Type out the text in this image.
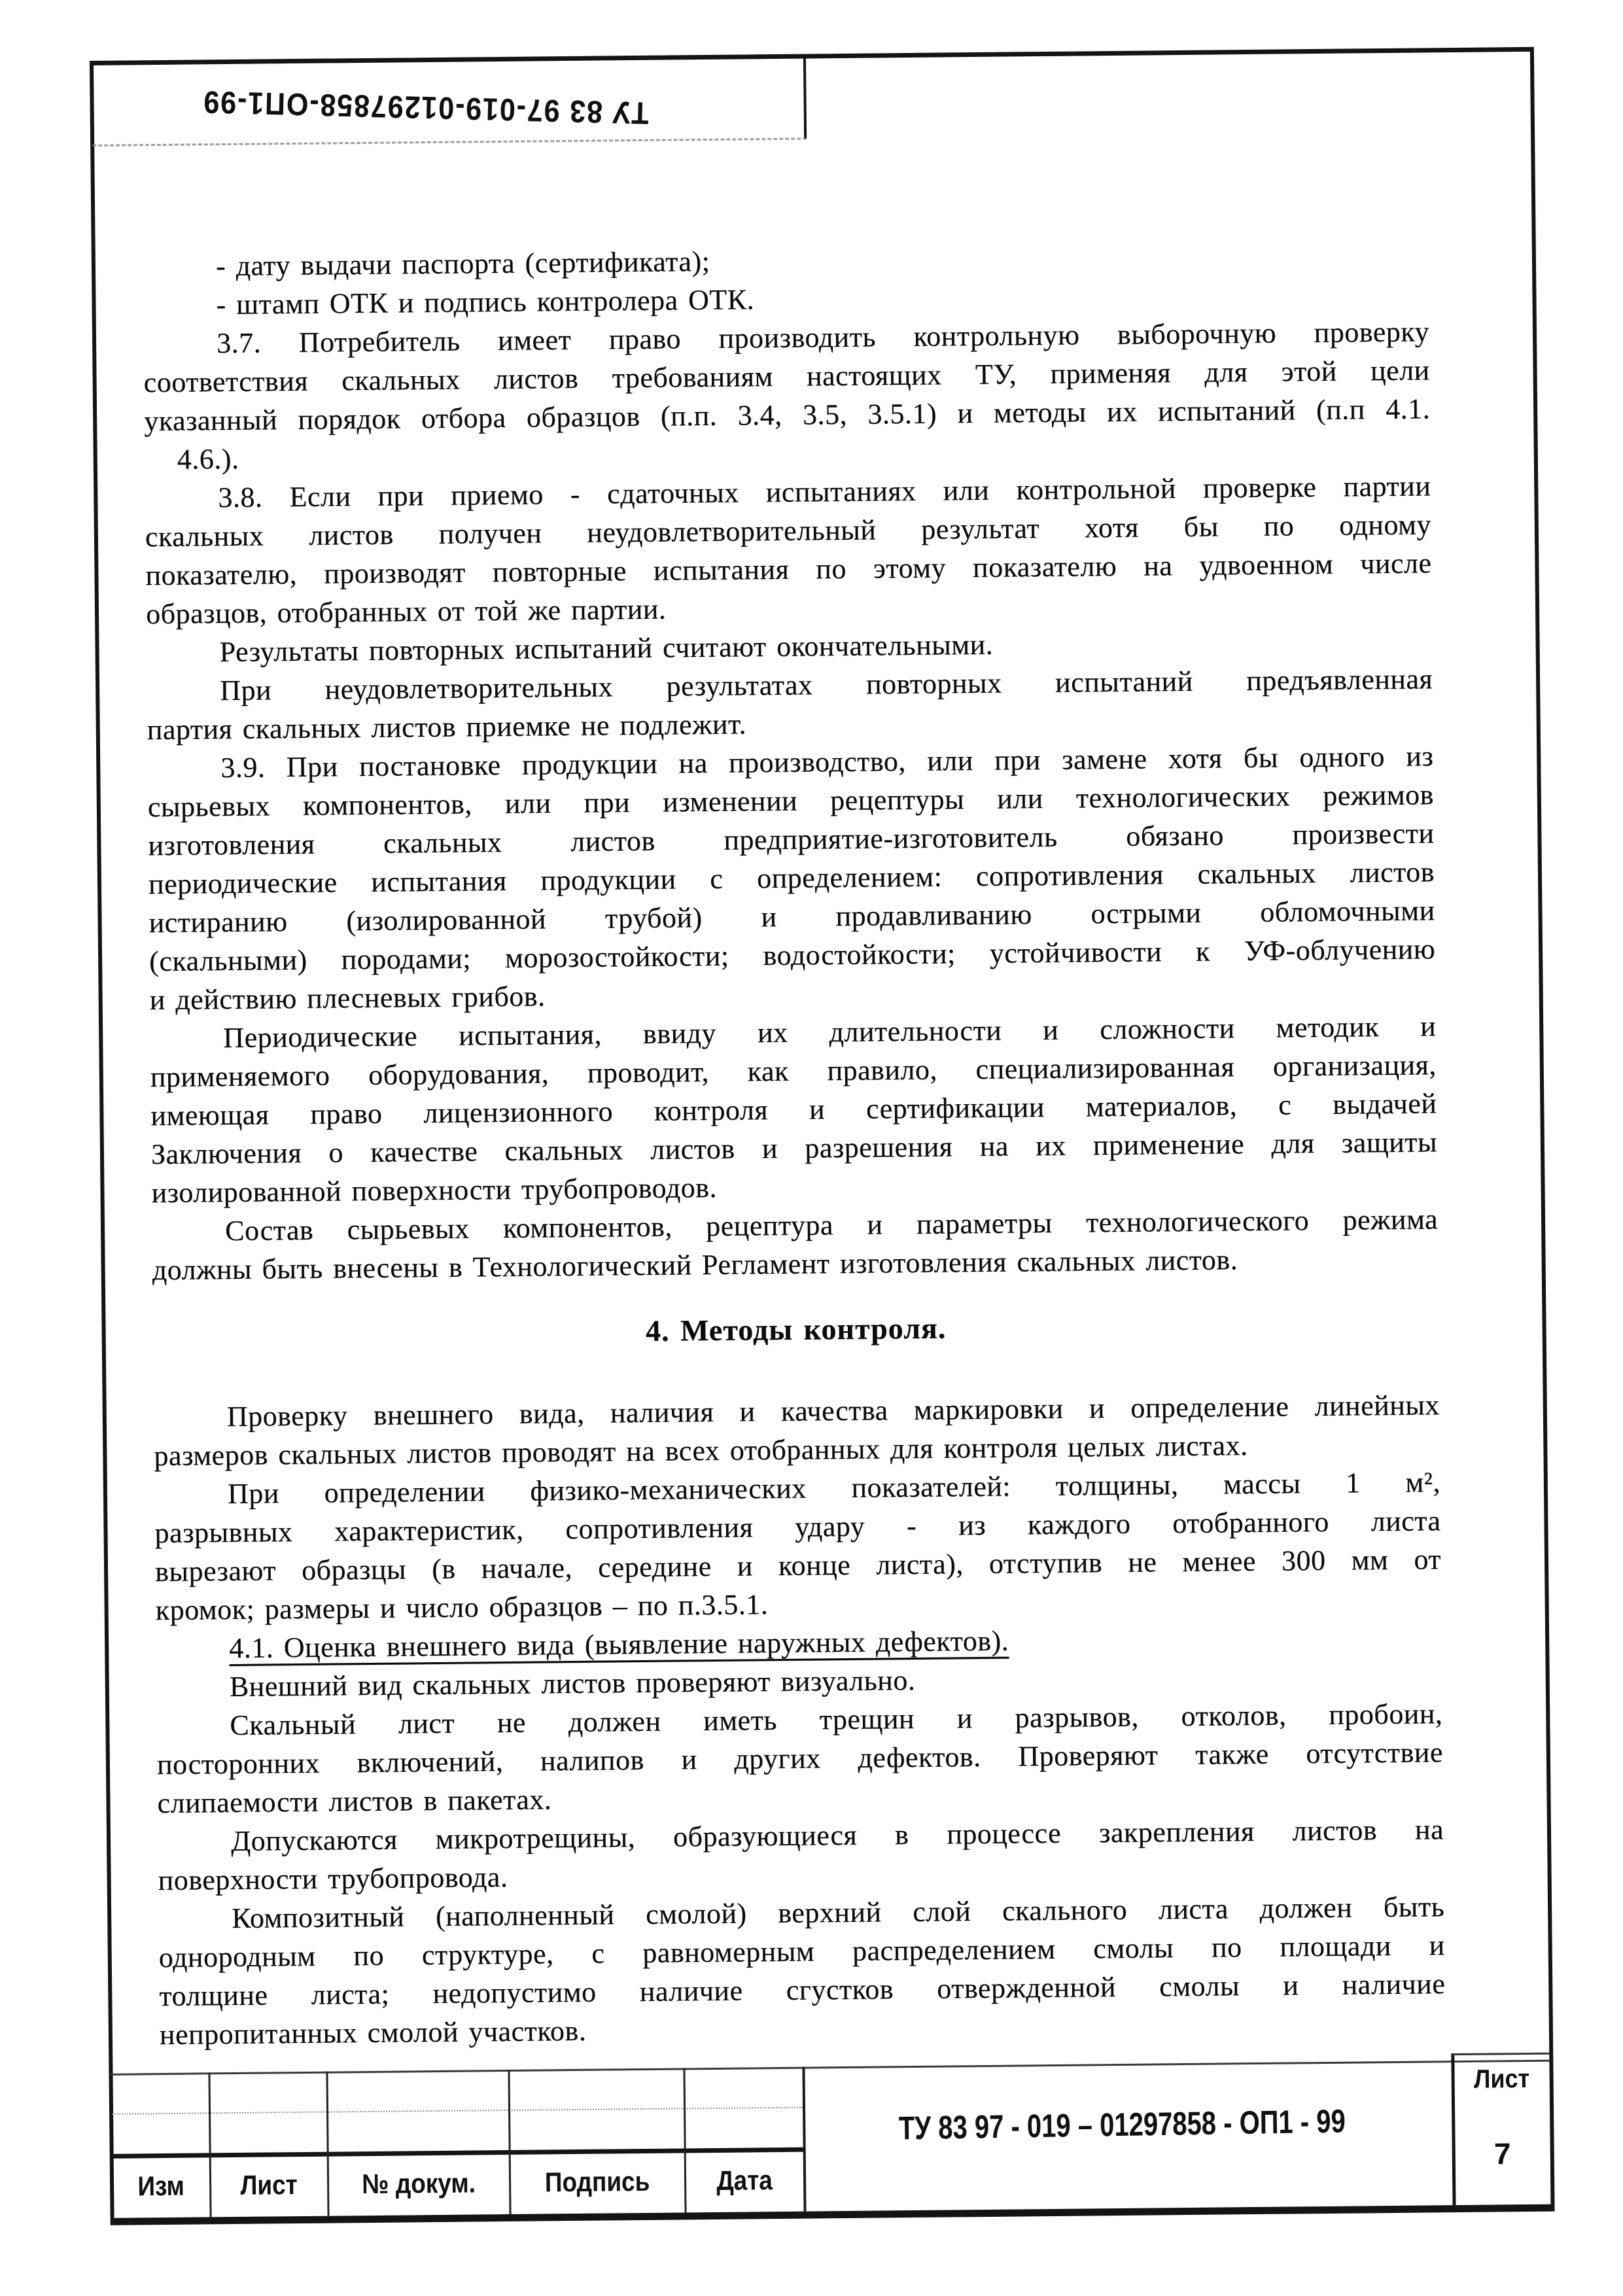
ТУ 83 97-019-01297858-ОП1-99
- дату выдачи паспорта (сертификата);
- штамп ОТК и подпись контролера ОТК.
3.7. Потребитель имеет право производить контрольную выборочную проверку
соответствия скальных листов требованиям настоящих ТУ, применяя для этой цели
указанный порядок отбора образцов (п.п. 3.4, 3.5, 3.5.1) и методы их испытаний (п.п 4.1.
4.6.).
3.8. Если при приемо - сдаточных испытаниях или контрольной проверке партии
скальных листов получен неудовлетворительный результат хотя бы по одному
показателю, производят повторные испытания по этому показателю на удвоенном числе
образцов, отобранных от той же партии.
Результаты повторных испытаний считают окончательными.
При неудовлетворительных результатах повторных испытаний предъявленная
партия скальных листов приемке не подлежит.
3.9. При постановке продукции на производство, или при замене хотя бы одного из
сырьевых компонентов, или при изменении рецептуры или технологических режимов
изготовления скальных листов предприятие-изготовитель обязано произвести
периодические испытания продукции с определением: сопротивления скальных листов
истиранию (изолированной трубой) и продавливанию острыми обломочными
(скальными) породами; морозостойкости; водостойкости; устойчивости к УФ-облучению
и действию плесневых грибов.
Периодические испытания, ввиду их длительности и сложности методик и
применяемого оборудования, проводит, как правило, специализированная организация,
имеющая право лицензионного контроля и сертификации материалов, с выдачей
Заключения о качестве скальных листов и разрешения на их применение для защиты
изолированной поверхности трубопроводов.
Состав сырьевых компонентов, рецептура и параметры технологического режима
должны быть внесены в Технологический Регламент изготовления скальных листов.
4. Методы контроля.
Проверку внешнего вида, наличия и качества маркировки и определение линейных
размеров скальных листов проводят на всех отобранных для контроля целых листах.
При определении физико-механических показателей: толщины, массы 1 м²,
разрывных характеристик, сопротивления удару - из каждого отобранного листа
вырезают образцы (в начале, середине и конце листа), отступив не менее 300 мм от
кромок; размеры и число образцов – по п.3.5.1.
4.1. Оценка внешнего вида (выявление наружных дефектов).
Внешний вид скальных листов проверяют визуально.
Скальный лист не должен иметь трещин и разрывов, отколов, пробоин,
посторонних включений, налипов и других дефектов. Проверяют также отсутствие
слипаемости листов в пакетах.
Допускаются микротрещины, образующиеся в процессе закрепления листов на
поверхности трубопровода.
Композитный (наполненный смолой) верхний слой скального листа должен быть
однородным по структуре, с равномерным распределением смолы по площади и
толщине листа; недопустимо наличие сгустков отвержденной смолы и наличие
непропитанных смолой участков.
Изм	Лист	№ докум.	Подпись	Дата
ТУ 83 97 - 019 – 01297858 - ОП1 - 99
Лист
7
